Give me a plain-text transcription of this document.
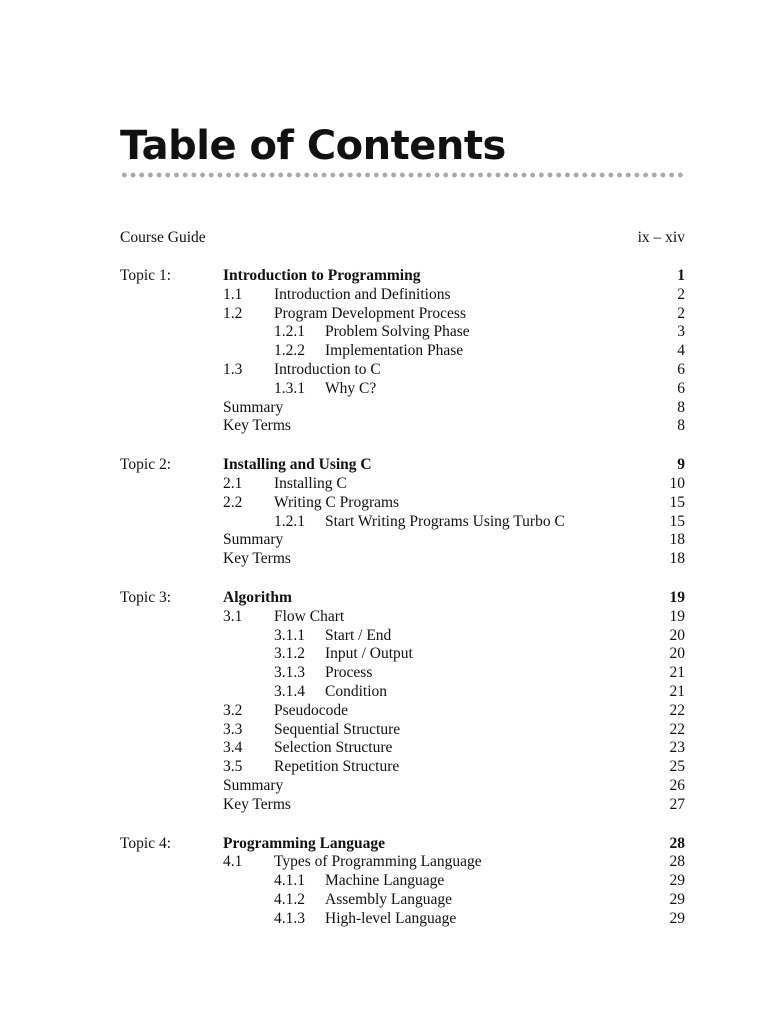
Table of Contents
Course Guide	ix – xiv
Topic 1:	Introduction to Programming	1
1.1 Introduction and Definitions	2
1.2 Program Development Process	2
1.2.1 Problem Solving Phase	3
1.2.2 Implementation Phase	4
1.3 Introduction to C	6
1.3.1 Why C?	6
Summary	8
Key Terms	8
Topic 2:	Installing and Using C	9
2.1 Installing C	10
2.2 Writing C Programs	15
1.2.1 Start Writing Programs Using Turbo C	15
Summary	18
Key Terms	18
Topic 3:	Algorithm	19
3.1 Flow Chart	19
3.1.1 Start / End	20
3.1.2 Input / Output	20
3.1.3 Process	21
3.1.4 Condition	21
3.2 Pseudocode	22
3.3 Sequential Structure	22
3.4 Selection Structure	23
3.5 Repetition Structure	25
Summary	26
Key Terms	27
Topic 4:	Programming Language	28
4.1 Types of Programming Language	28
4.1.1 Machine Language	29
4.1.2 Assembly Language	29
4.1.3 High-level Language	29
